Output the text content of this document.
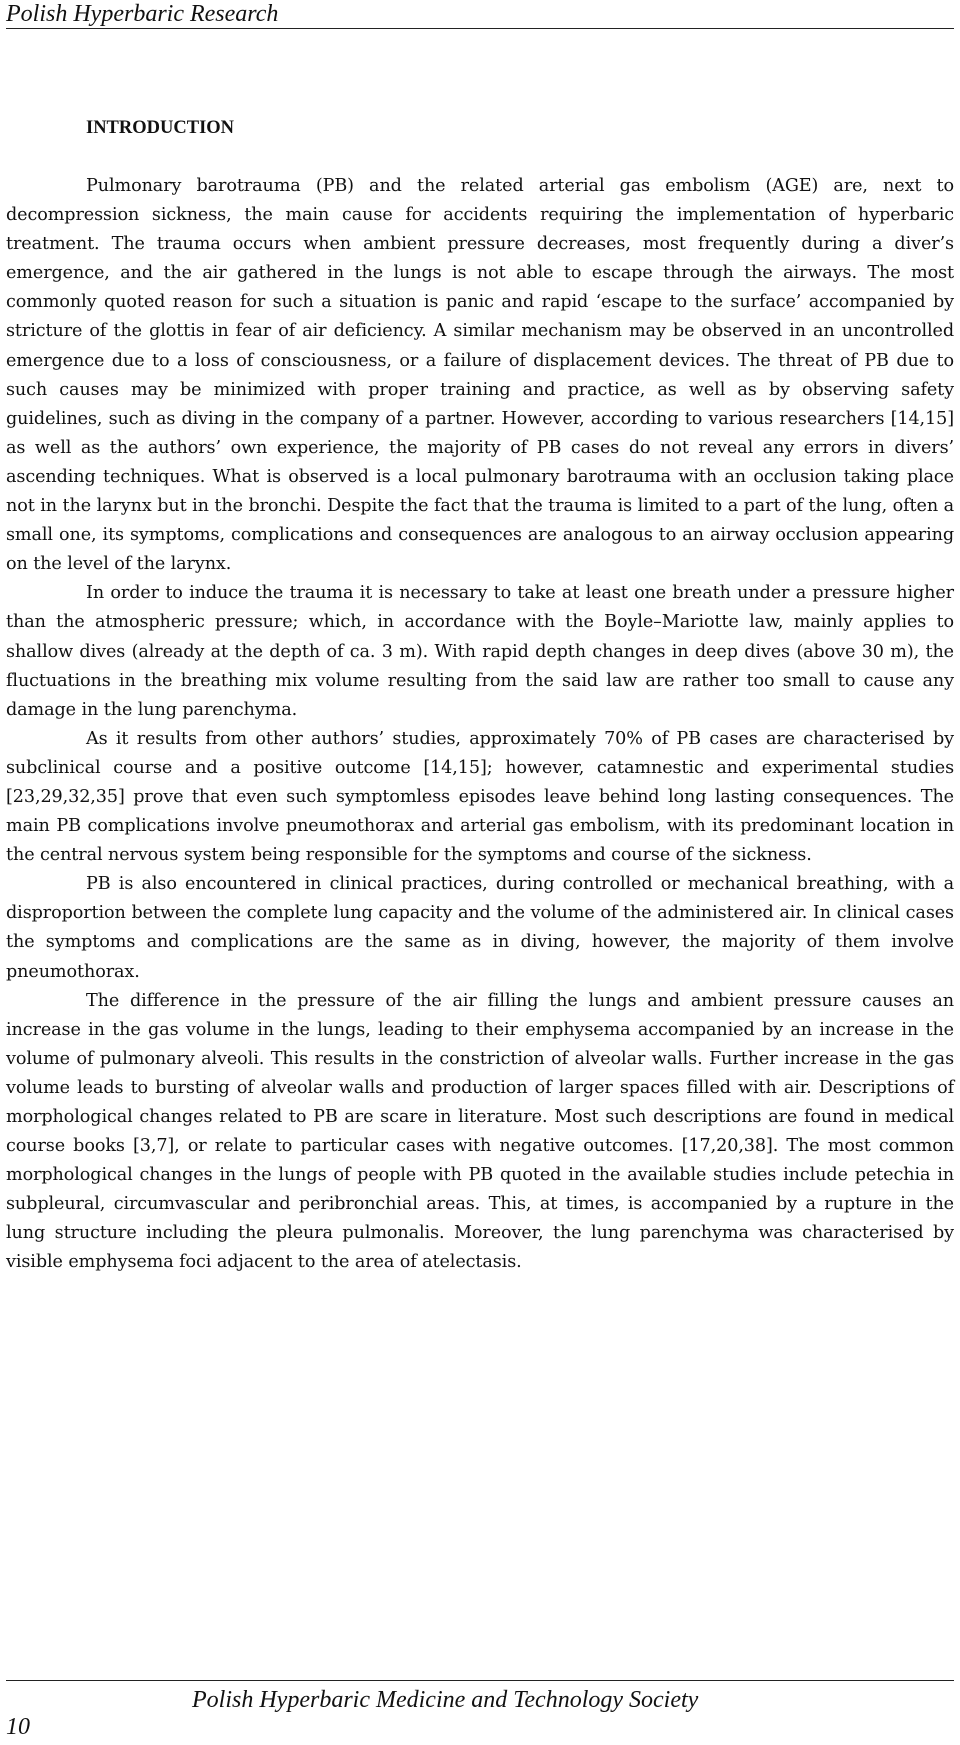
Polish Hyperbaric Research
INTRODUCTION

Pulmonary barotrauma (PB) and the related arterial gas embolism (AGE) are, next to decompression sickness, the main cause for accidents requiring the implementation of hyperbaric treatment. The trauma occurs when ambient pressure decreases, most frequently during a diver’s emergence, and the air gathered in the lungs is not able to escape through the airways. The most commonly quoted reason for such a situation is panic and rapid ‘escape to the surface’ accompanied by stricture of the glottis in fear of air deficiency. A similar mechanism may be observed in an uncontrolled emergence due to a loss of consciousness, or a failure of displacement devices. The threat of PB due to such causes may be minimized with proper training and practice, as well as by observing safety guidelines, such as diving in the company of a partner. However, according to various researchers [14,15] as well as the authors’ own experience, the majority of PB cases do not reveal any errors in divers’ ascending techniques. What is observed is a local pulmonary barotrauma with an occlusion taking place not in the larynx but in the bronchi. Despite the fact that the trauma is limited to a part of the lung, often a small one, its symptoms, complications and consequences are analogous to an airway occlusion appearing on the level of the larynx.

In order to induce the trauma it is necessary to take at least one breath under a pressure higher than the atmospheric pressure; which, in accordance with the Boyle–Mariotte law, mainly applies to shallow dives (already at the depth of ca. 3 m). With rapid depth changes in deep dives (above 30 m), the fluctuations in the breathing mix volume resulting from the said law are rather too small to cause any damage in the lung parenchyma.

As it results from other authors’ studies, approximately 70% of PB cases are characterised by subclinical course and a positive outcome [14,15]; however, catamnestic and experimental studies [23,29,32,35] prove that even such symptomless episodes leave behind long lasting consequences. The main PB complications involve pneumothorax and arterial gas embolism, with its predominant location in the central nervous system being responsible for the symptoms and course of the sickness.

PB is also encountered in clinical practices, during controlled or mechanical breathing, with a disproportion between the complete lung capacity and the volume of the administered air. In clinical cases the symptoms and complications are the same as in diving, however, the majority of them involve pneumothorax.

The difference in the pressure of the air filling the lungs and ambient pressure causes an increase in the gas volume in the lungs, leading to their emphysema accompanied by an increase in the volume of pulmonary alveoli. This results in the constriction of alveolar walls. Further increase in the gas volume leads to bursting of alveolar walls and production of larger spaces filled with air. Descriptions of morphological changes related to PB are scare in literature. Most such descriptions are found in medical course books [3,7], or relate to particular cases with negative outcomes. [17,20,38]. The most common morphological changes in the lungs of people with PB quoted in the available studies include petechia in subpleural, circumvascular and peribronchial areas. This, at times, is accompanied by a rupture in the lung structure including the pleura pulmonalis. Moreover, the lung parenchyma was characterised by visible emphysema foci adjacent to the area of atelectasis.

Polish Hyperbaric Medicine and Technology Society
10
